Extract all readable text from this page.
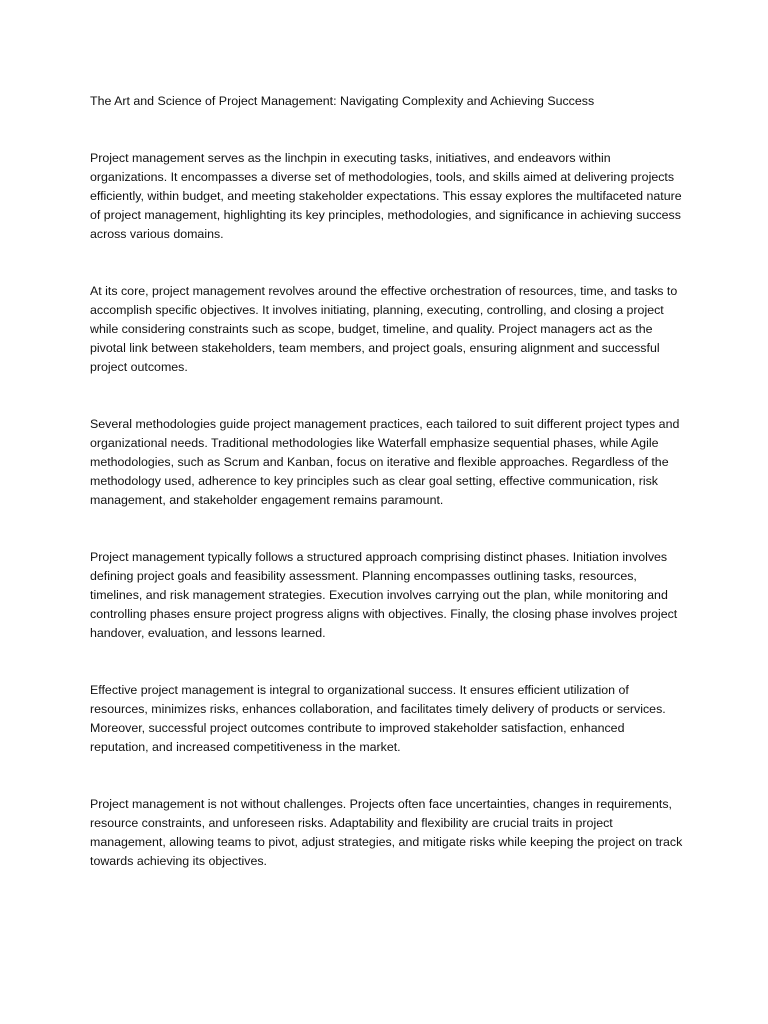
The Art and Science of Project Management: Navigating Complexity and Achieving Success

Project management serves as the linchpin in executing tasks, initiatives, and endeavors within organizations. It encompasses a diverse set of methodologies, tools, and skills aimed at delivering projects efficiently, within budget, and meeting stakeholder expectations. This essay explores the multifaceted nature of project management, highlighting its key principles, methodologies, and significance in achieving success across various domains.

At its core, project management revolves around the effective orchestration of resources, time, and tasks to accomplish specific objectives. It involves initiating, planning, executing, controlling, and closing a project while considering constraints such as scope, budget, timeline, and quality. Project managers act as the pivotal link between stakeholders, team members, and project goals, ensuring alignment and successful project outcomes.

Several methodologies guide project management practices, each tailored to suit different project types and organizational needs. Traditional methodologies like Waterfall emphasize sequential phases, while Agile methodologies, such as Scrum and Kanban, focus on iterative and flexible approaches. Regardless of the methodology used, adherence to key principles such as clear goal setting, effective communication, risk management, and stakeholder engagement remains paramount.

Project management typically follows a structured approach comprising distinct phases. Initiation involves defining project goals and feasibility assessment. Planning encompasses outlining tasks, resources, timelines, and risk management strategies. Execution involves carrying out the plan, while monitoring and controlling phases ensure project progress aligns with objectives. Finally, the closing phase involves project handover, evaluation, and lessons learned.

Effective project management is integral to organizational success. It ensures efficient utilization of resources, minimizes risks, enhances collaboration, and facilitates timely delivery of products or services. Moreover, successful project outcomes contribute to improved stakeholder satisfaction, enhanced reputation, and increased competitiveness in the market.

Project management is not without challenges. Projects often face uncertainties, changes in requirements, resource constraints, and unforeseen risks. Adaptability and flexibility are crucial traits in project management, allowing teams to pivot, adjust strategies, and mitigate risks while keeping the project on track towards achieving its objectives.
